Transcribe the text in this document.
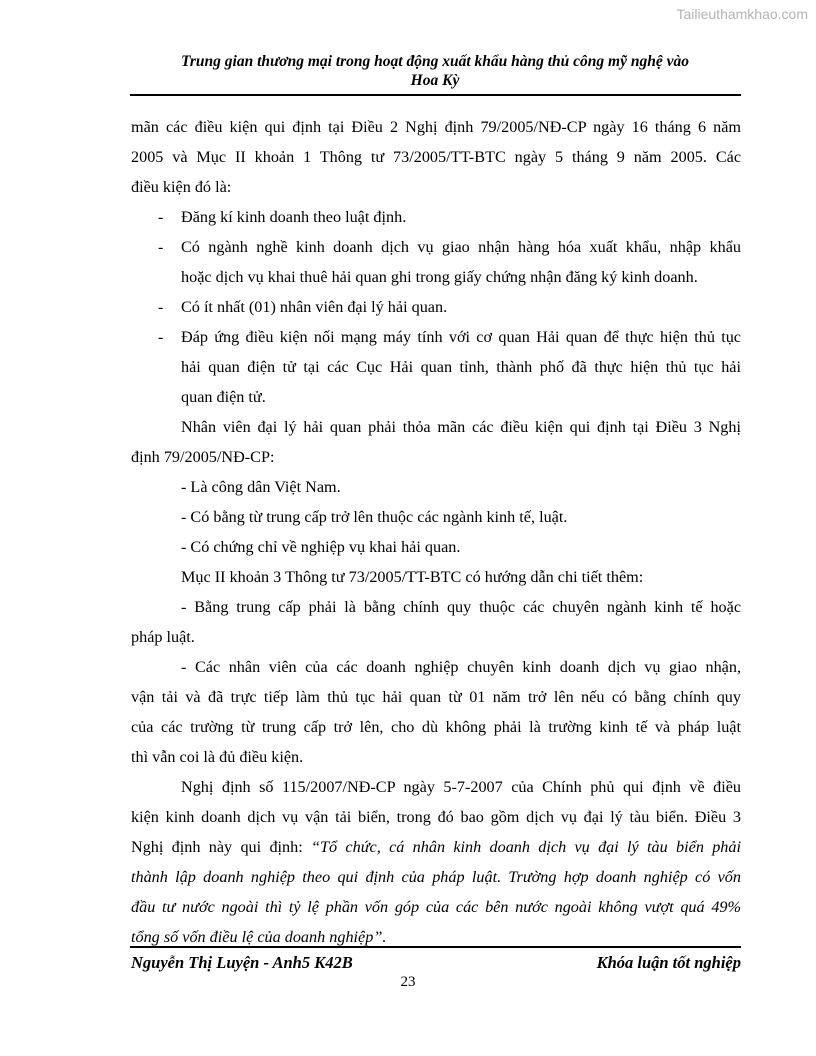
Tailieuthamkhao.com
Trung gian thương mại trong hoạt động xuất khẩu hàng thủ công mỹ nghệ vào
Hoa Kỳ
mãn các điều kiện qui định tại Điều 2 Nghị định 79/2005/NĐ-CP ngày 16 tháng 6 năm
2005 và Mục II khoản 1 Thông tư 73/2005/TT-BTC ngày 5 tháng 9 năm 2005. Các
điều kiện đó là:
- Đăng kí kinh doanh theo luật định.
- Có ngành nghề kinh doanh dịch vụ giao nhận hàng hóa xuất khẩu, nhập khẩu
hoặc dịch vụ khai thuê hải quan ghi trong giấy chứng nhận đăng ký kinh doanh.
- Có ít nhất (01) nhân viên đại lý hải quan.
- Đáp ứng điều kiện nối mạng máy tính với cơ quan Hải quan để thực hiện thủ tục
hải quan điện tử tại các Cục Hải quan tỉnh, thành phố đã thực hiện thủ tục hải
quan điện tử.
Nhân viên đại lý hải quan phải thỏa mãn các điều kiện qui định tại Điều 3 Nghị
định 79/2005/NĐ-CP:
- Là công dân Việt Nam.
- Có bằng từ trung cấp trở lên thuộc các ngành kinh tế, luật.
- Có chứng chỉ về nghiệp vụ khai hải quan.
Mục II khoản 3 Thông tư 73/2005/TT-BTC có hướng dẫn chi tiết thêm:
- Bằng trung cấp phải là bằng chính quy thuộc các chuyên ngành kinh tế hoặc
pháp luật.
- Các nhân viên của các doanh nghiệp chuyên kinh doanh dịch vụ giao nhận,
vận tải và đã trực tiếp làm thủ tục hải quan từ 01 năm trở lên nếu có bằng chính quy
của các trường từ trung cấp trở lên, cho dù không phải là trường kinh tế và pháp luật
thì vẫn coi là đủ điều kiện.
Nghị định số 115/2007/NĐ-CP ngày 5-7-2007 của Chính phủ qui định về điều
kiện kinh doanh dịch vụ vận tải biển, trong đó bao gồm dịch vụ đại lý tàu biển. Điều 3
Nghị định này qui định: “Tổ chức, cá nhân kinh doanh dịch vụ đại lý tàu biển phải
thành lập doanh nghiệp theo qui định của pháp luật. Trường hợp doanh nghiệp có vốn
đầu tư nước ngoài thì tỷ lệ phần vốn góp của các bên nước ngoài không vượt quá 49%
tổng số vốn điều lệ của doanh nghiệp”.
Nguyễn Thị Luyện - Anh5 K42B	Khóa luận tốt nghiệp
23
